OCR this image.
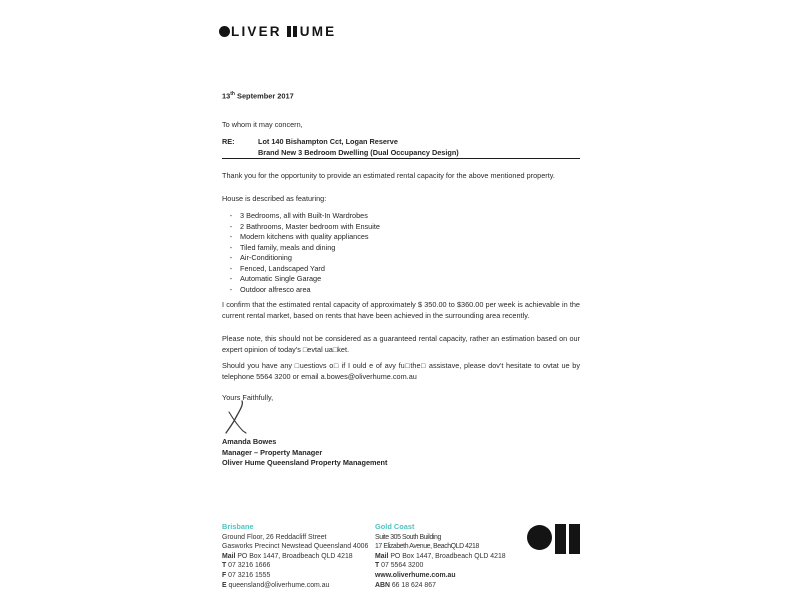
LIVER UME
13th September 2017
To whom it may concern,
RE:	Lot 140 Bishampton Cct, Logan Reserve
Brand New 3 Bedroom Dwelling (Dual Occupancy Design)
Thank you for the opportunity to provide an estimated rental capacity for the above mentioned property.
House is described as featuring:
-	3 Bedrooms, all with Built-In Wardrobes
-	2 Bathrooms, Master bedroom with Ensuite
-	Modern kitchens with quality appliances
-	Tiled family, meals and dining
-	Air-Conditioning
-	Fenced, Landscaped Yard
-	Automatic Single Garage
-	Outdoor alfresco area
I confirm that the estimated rental capacity of approximately $ 350.00 to $360.00 per week is achievable in the current rental market, based on rents that have been achieved in the surrounding area recently.
Please note, this should not be considered as a guaranteed rental capacity, rather an estimation based on our expert opinion of today's □evtal ua□ket.
Should you have any □uestiovs o□ if I ould e of avy fu□the□ assistave, please dov't hesitate to ovtat ue by telephone 5564 3200 or email a.bowes@oliverhume.com.au
Yours Faithfully,
Amanda Bowes
Manager – Property Manager
Oliver Hume Queensland Property Management
Brisbane
Ground Floor, 26 Reddacliff Street
Gasworks Precinct Newstead Queensland 4006
Mail PO Box 1447, Broadbeach QLD 4218
T 07 3216 1666
F 07 3216 1555
E queensland@oliverhume.com.au
Gold Coast
Suite 305 South Building
17 Elizabeth Avenue, BeachQLD 4218
Mail PO Box 1447, Broadbeach QLD 4218
T 07 5564 3200
www.oliverhume.com.au
ABN 66 18 624 867
